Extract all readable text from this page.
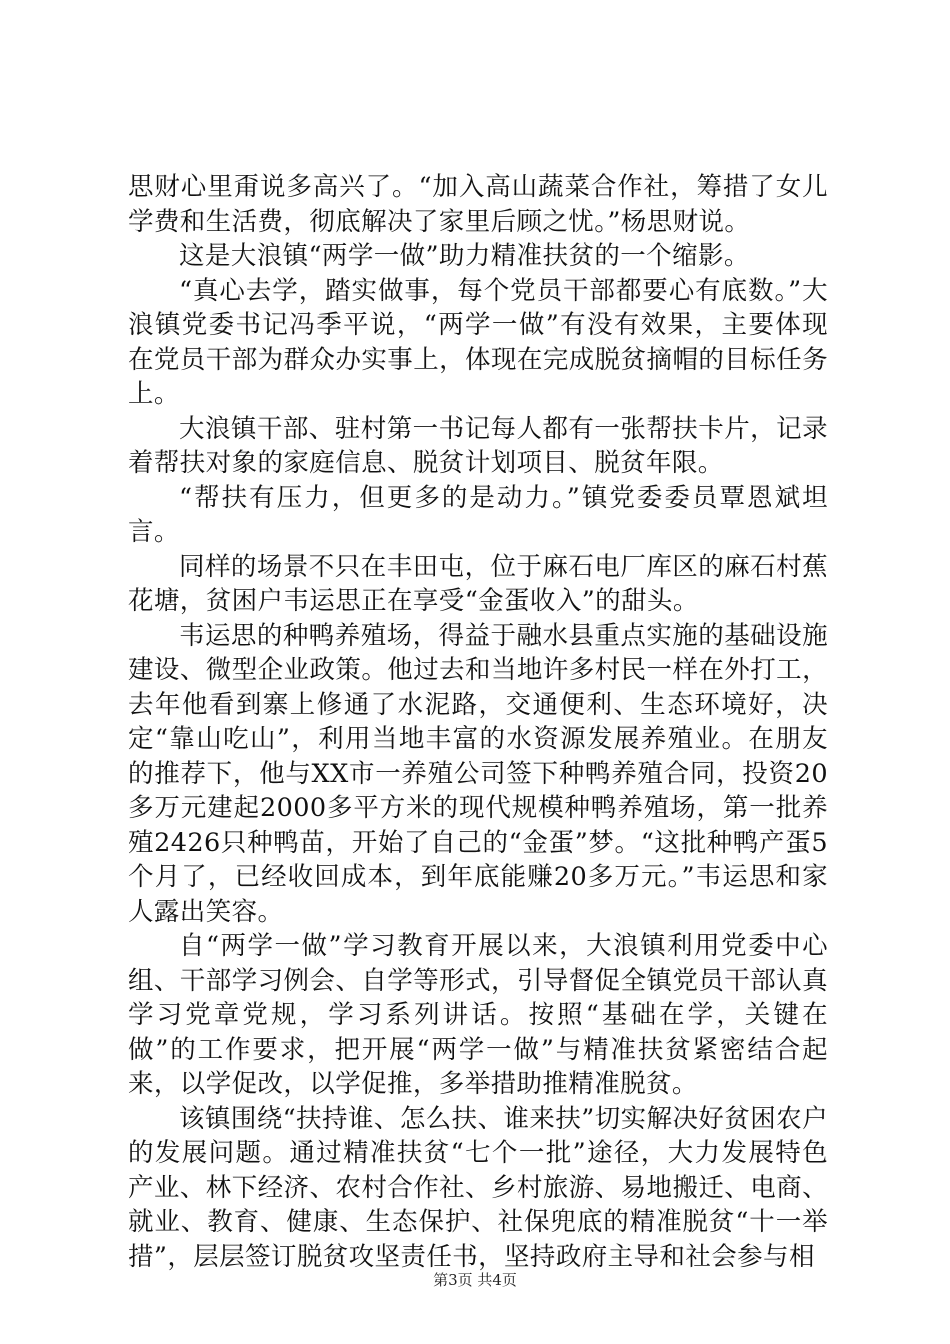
思财心里甭说多高兴了。“加入高山蔬菜合作社，筹措了女儿学费和生活费，彻底解决了家里后顾之忧。”杨思财说。

这是大浪镇“两学一做”助力精准扶贫的一个缩影。

“真心去学，踏实做事，每个党员干部都要心有底数。”大浪镇党委书记冯季平说，“两学一做”有没有效果，主要体现在党员干部为群众办实事上，体现在完成脱贫摘帽的目标任务上。

大浪镇干部、驻村第一书记每人都有一张帮扶卡片，记录着帮扶对象的家庭信息、脱贫计划项目、脱贫年限。

“帮扶有压力，但更多的是动力。”镇党委委员覃恩斌坦言。

同样的场景不只在丰田屯，位于麻石电厂库区的麻石村蕉花塘，贫困户韦运思正在享受“金蛋收入”的甜头。

韦运思的种鸭养殖场，得益于融水县重点实施的基础设施建设、微型企业政策。他过去和当地许多村民一样在外打工，去年他看到寨上修通了水泥路，交通便利、生态环境好，决定“靠山吃山”，利用当地丰富的水资源发展养殖业。在朋友的推荐下，他与XX市一养殖公司签下种鸭养殖合同，投资20多万元建起2000多平方米的现代规模种鸭养殖场，第一批养殖2426只种鸭苗，开始了自己的“金蛋”梦。“这批种鸭产蛋5个月了，已经收回成本，到年底能赚20多万元。”韦运思和家人露出笑容。

自“两学一做”学习教育开展以来，大浪镇利用党委中心组、干部学习例会、自学等形式，引导督促全镇党员干部认真学习党章党规，学习系列讲话。按照“基础在学，关键在做”的工作要求，把开展“两学一做”与精准扶贫紧密结合起来，以学促改，以学促推，多举措助推精准脱贫。

该镇围绕“扶持谁、怎么扶、谁来扶”切实解决好贫困农户的发展问题。通过精准扶贫“七个一批”途径，大力发展特色产业、林下经济、农村合作社、乡村旅游、易地搬迁、电商、就业、教育、健康、生态保护、社保兜底的精准脱贫“十一举措”，层层签订脱贫攻坚责任书，坚持政府主导和社会参与相

第3页 共4页
